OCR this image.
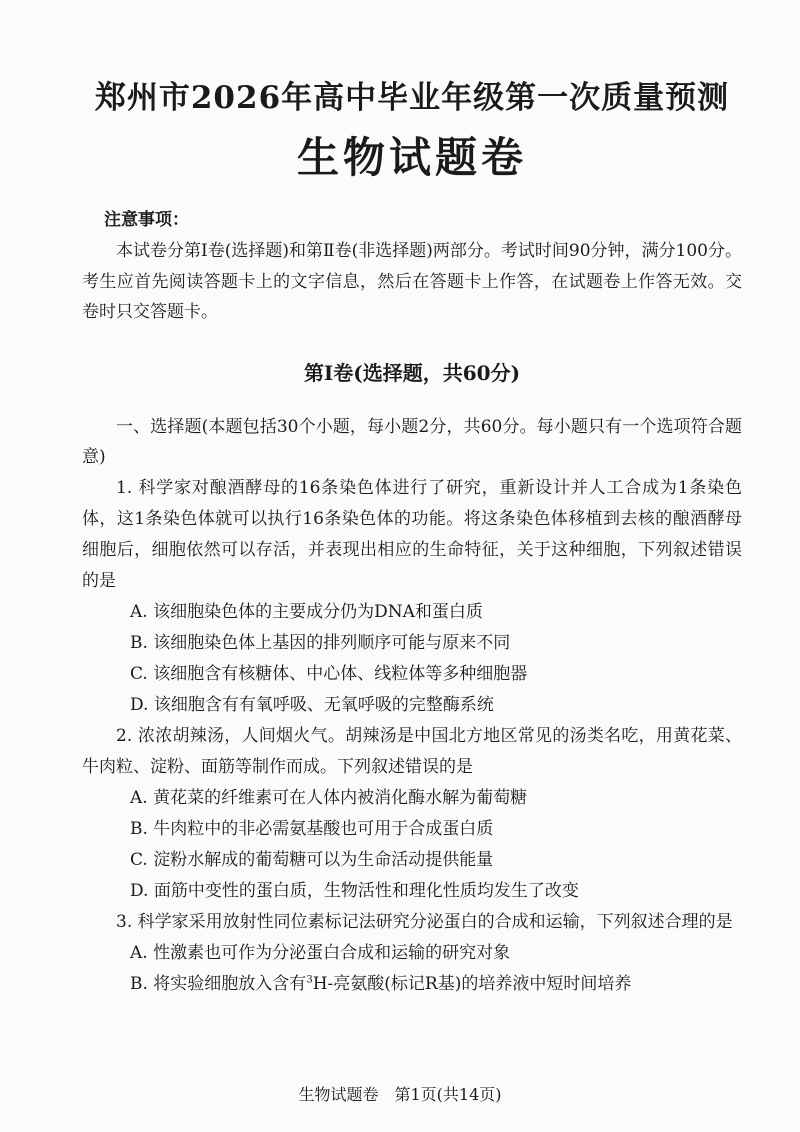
郑州市2026年高中毕业年级第一次质量预测
生物试题卷
注意事项：

本试卷分第Ⅰ卷(选择题)和第Ⅱ卷(非选择题)两部分。考试时间90分钟，满分100分。考生应首先阅读答题卡上的文字信息，然后在答题卡上作答，在试题卷上作答无效。交卷时只交答题卡。

第Ⅰ卷(选择题，共60分)

一、选择题(本题包括30个小题，每小题2分，共60分。每小题只有一个选项符合题意)

1. 科学家对酿酒酵母的16条染色体进行了研究，重新设计并人工合成为1条染色体，这1条染色体就可以执行16条染色体的功能。将这条染色体移植到去核的酿酒酵母细胞后，细胞依然可以存活，并表现出相应的生命特征，关于这种细胞，下列叙述错误的是

A. 该细胞染色体的主要成分仍为DNA和蛋白质
B. 该细胞染色体上基因的排列顺序可能与原来不同
C. 该细胞含有核糖体、中心体、线粒体等多种细胞器
D. 该细胞含有有氧呼吸、无氧呼吸的完整酶系统

2. 浓浓胡辣汤，人间烟火气。胡辣汤是中国北方地区常见的汤类名吃，用黄花菜、牛肉粒、淀粉、面筋等制作而成。下列叙述错误的是

A. 黄花菜的纤维素可在人体内被消化酶水解为葡萄糖
B. 牛肉粒中的非必需氨基酸也可用于合成蛋白质
C. 淀粉水解成的葡萄糖可以为生命活动提供能量
D. 面筋中变性的蛋白质，生物活性和理化性质均发生了改变

3. 科学家采用放射性同位素标记法研究分泌蛋白的合成和运输，下列叙述合理的是

A. 性激素也可作为分泌蛋白合成和运输的研究对象
B. 将实验细胞放入含有$^3$H-亮氨酸(标记R基)的培养液中短时间培养
生物试题卷　第1页(共14页)
